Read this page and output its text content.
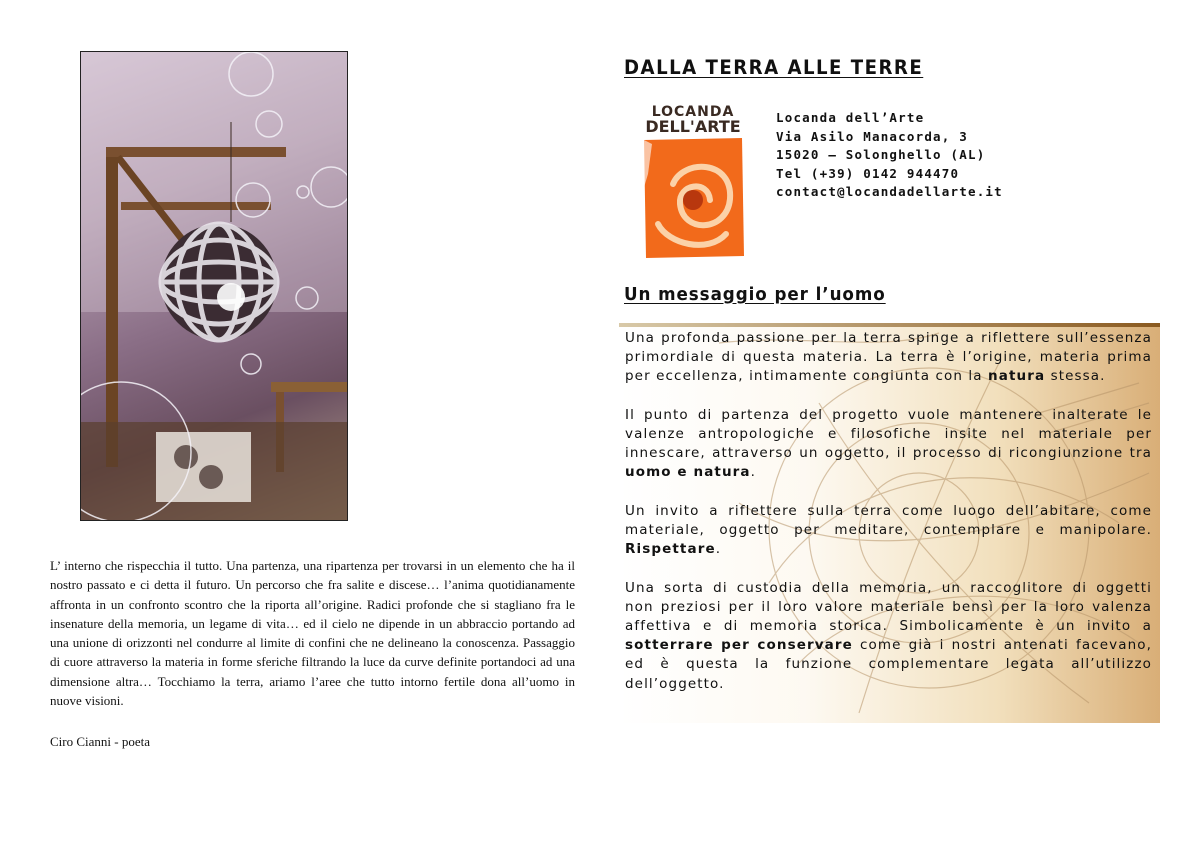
L’ interno che rispecchia il tutto. Una partenza, una ripartenza per trovarsi in un elemento che ha il nostro passato e ci detta il futuro. Un percorso che fra salite e discese… l’anima quotidianamente affronta in un confronto scontro che la riporta all’origine. Radici profonde che si stagliano fra le insenature della memoria, un legame di vita… ed il cielo ne dipende in un abbraccio portando ad una unione di orizzonti nel condurre al limite di confini che ne delineano la conoscenza. Passaggio di cuore attraverso la materia in forme sferiche filtrando la luce da curve definite portandoci ad una dimensione altra… Tocchiamo la terra, ariamo l’aree che tutto intorno fertile dona all’uomo in nuove visioni.

Ciro Cianni - poeta

DALLA TERRA ALLE TERRE
LOCANDA
DELL'ARTE	Locanda dell’Arte
Via Asilo Manacorda, 3
15020 – Solonghello (AL)
Tel (+39) 0142 944470
contact@locandadellarte.it
Un messaggio per l’uomo

Una profonda passione per la terra spinge a riflettere sull’essenza primordiale di questa materia. La terra è l’origine, materia prima per eccellenza, intimamente congiunta con la natura stessa.

Il punto di partenza del progetto vuole mantenere inalterate le valenze antropologiche e filosofiche insite nel materiale per innescare, attraverso un oggetto, il processo di ricongiunzione tra uomo e natura.

Un invito a riflettere sulla terra come luogo dell’abitare, come materiale, oggetto per meditare, contemplare e manipolare. Rispettare.

Una sorta di custodia della memoria, un raccoglitore di oggetti non preziosi per il loro valore materiale bensì per la loro valenza affettiva e di memoria storica. Simbolicamente è un invito a sotterrare per conservare come già i nostri antenati facevano, ed è questa la funzione complementare legata all’utilizzo dell’oggetto.
